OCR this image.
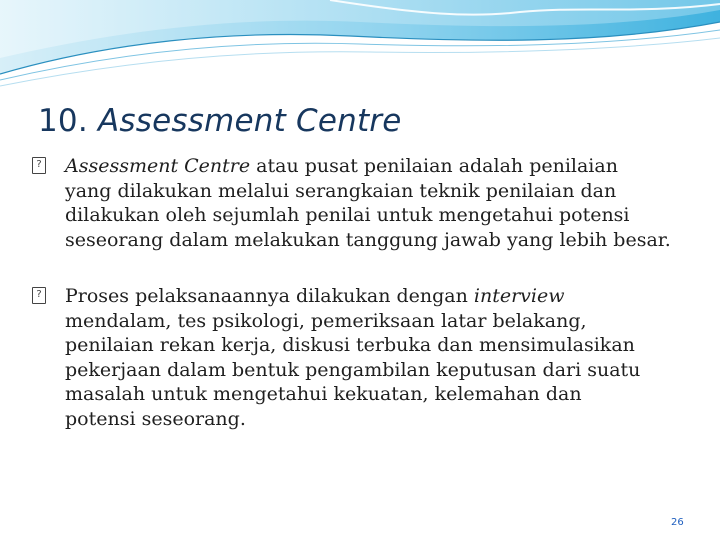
10. Assessment Centre
? Assessment Centre atau pusat penilaian adalah penilaian
yang dilakukan melalui serangkaian teknik penilaian dan
dilakukan oleh sejumlah penilai untuk mengetahui potensi
seseorang dalam melakukan tanggung jawab yang lebih besar.
? Proses pelaksanaannya dilakukan dengan interview
mendalam, tes psikologi, pemeriksaan latar belakang,
penilaian rekan kerja, diskusi terbuka dan mensimulasikan
pekerjaan dalam bentuk pengambilan keputusan dari suatu
masalah untuk mengetahui kekuatan, kelemahan dan
potensi seseorang.
26
